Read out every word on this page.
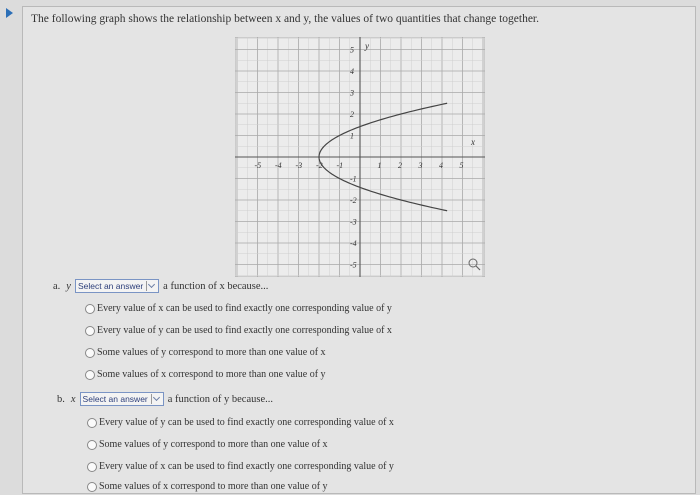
The following graph shows the relationship between x and y, the values of two quantities that change together.
-5 -4 -3 -2 -1	1 2 3 4 5
5
4
3
2
1
-1
-2
-3
-4
-5
x
y
a. y Select an answer a function of x because...
Every value of x can be used to find exactly one corresponding value of y
Every value of y can be used to find exactly one corresponding value of x
Some values of y correspond to more than one value of x
Some values of x correspond to more than one value of y
b. x Select an answer a function of y because...
Every value of y can be used to find exactly one corresponding value of x
Some values of y correspond to more than one value of x
Every value of x can be used to find exactly one corresponding value of y
Some values of x correspond to more than one value of y
